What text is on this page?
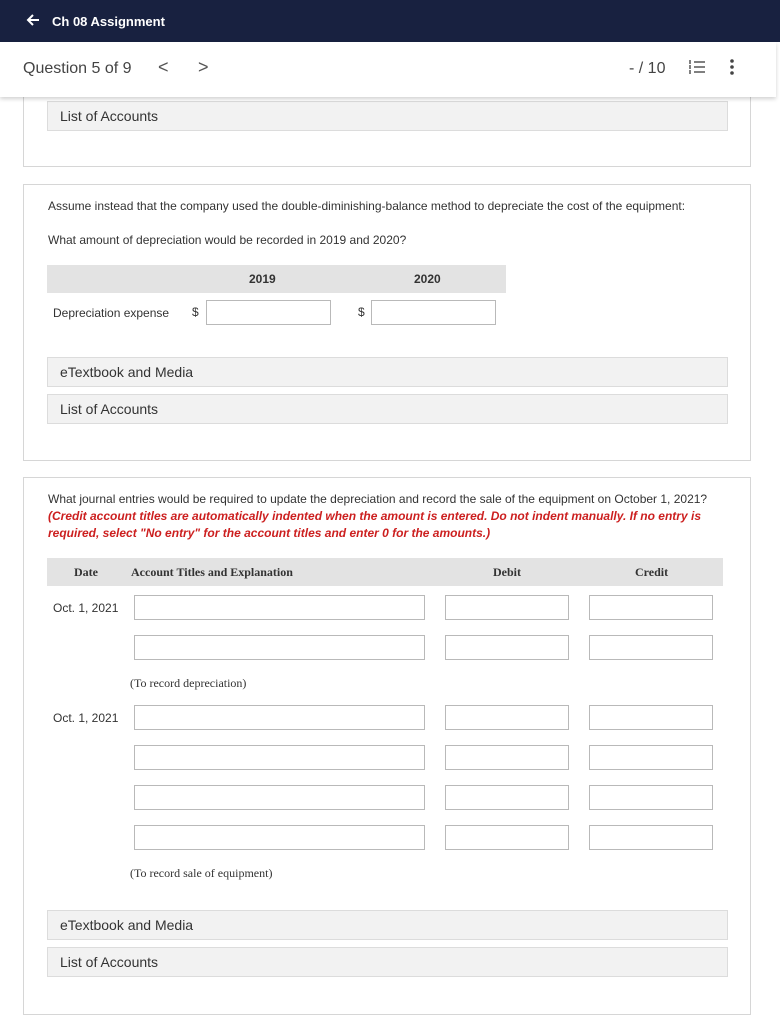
Ch 08 Assignment
Question 5 of 9 < >	- / 10
List of Accounts
Assume instead that the company used the double-diminishing-balance method to depreciate the cost of the equipment:
What amount of depreciation would be recorded in 2019 and 2020?
2019	2020
Depreciation expense $	$
eTextbook and Media
List of Accounts
What journal entries would be required to update the depreciation and record the sale of the equipment on October 1, 2021?
(Credit account titles are automatically indented when the amount is entered. Do not indent manually. If no entry is required, select "No entry" for the account titles and enter 0 for the amounts.)
Date	Account Titles and Explanation	Debit	Credit
Oct. 1, 2021
(To record depreciation)
Oct. 1, 2021
(To record sale of equipment)
eTextbook and Media
List of Accounts
